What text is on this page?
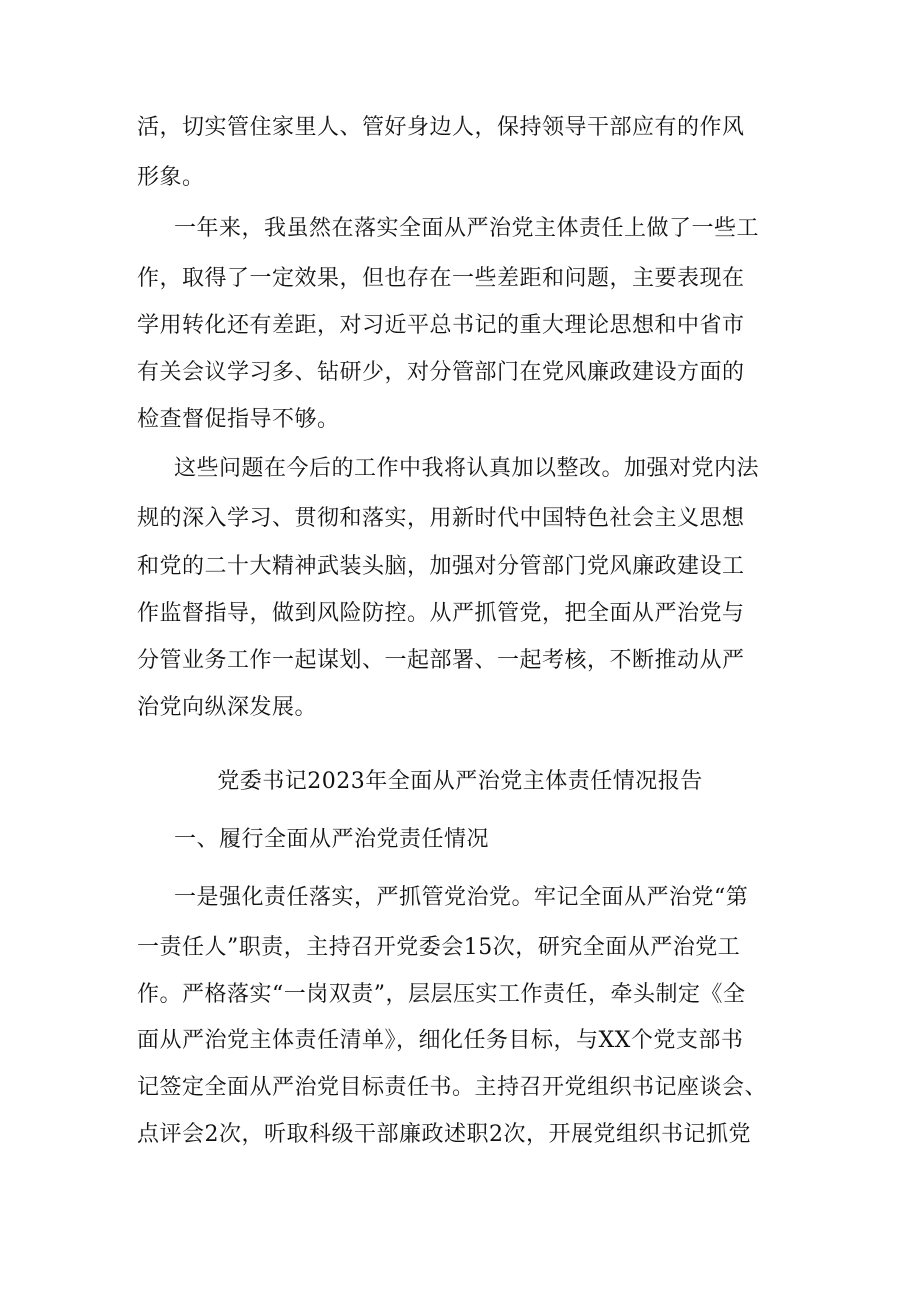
活，切实管住家里人、管好身边人，保持领导干部应有的作风
形象。
一年来，我虽然在落实全面从严治党主体责任上做了一些工
作，取得了一定效果，但也存在一些差距和问题，主要表现在
学用转化还有差距，对习近平总书记的重大理论思想和中省市
有关会议学习多、钻研少，对分管部门在党风廉政建设方面的
检查督促指导不够。
这些问题在今后的工作中我将认真加以整改。加强对党内法
规的深入学习、贯彻和落实，用新时代中国特色社会主义思想
和党的二十大精神武装头脑，加强对分管部门党风廉政建设工
作监督指导，做到风险防控。从严抓管党，把全面从严治党与
分管业务工作一起谋划、一起部署、一起考核，不断推动从严
治党向纵深发展。
党委书记2023年全面从严治党主体责任情况报告
一、履行全面从严治党责任情况
一是强化责任落实，严抓管党治党。牢记全面从严治党“第
一责任人”职责，主持召开党委会15次，研究全面从严治党工
作。严格落实“一岗双责”，层层压实工作责任，牵头制定《全
面从严治党主体责任清单》，细化任务目标，与XX个党支部书
记签定全面从严治党目标责任书。主持召开党组织书记座谈会、
点评会2次，听取科级干部廉政述职2次，开展党组织书记抓党
